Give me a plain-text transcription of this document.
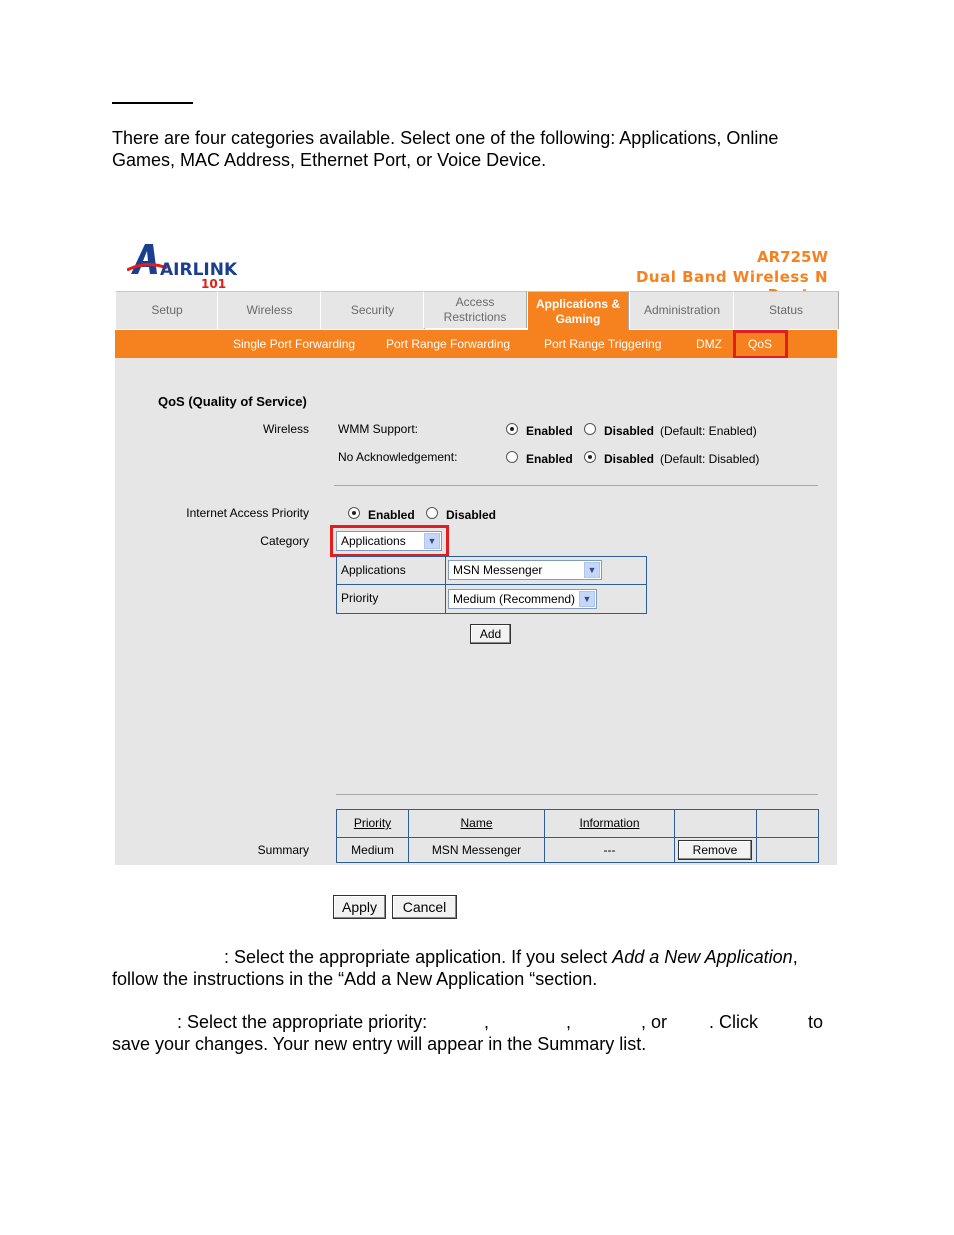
There are four categories available. Select one of the following: Applications, Online
Games, MAC Address, Ethernet Port, or Voice Device.
AIRLINK
101
AR725W
Dual Band Wireless N
Setup	Wireless	Security
Access Restrictions
Applications & Gaming
Administration	Status
Single Port Forwarding	Port Range Forwarding	Port Range Triggering	DMZ QoS
QoS (Quality of Service)
Wireless WMM Support:	Enabled	Disabled (Default: Enabled)
No Acknowledgement:	Enabled	Disabled (Default: Disabled)
Internet Access Priority	Enabled	Disabled
Category	Applications	▼
Applications	MSN Messenger	▼
Priority	Medium (Recommend) ▼
Add
Priority	Name	Information
Summary	Medium	MSN Messenger	---	Remove
Apply	Cancel
: Select the appropriate application. If you select Add a New Application,
follow the instructions in the “Add a New Application “section.
: Select the appropriate priority:	,	,	, or . Click	to
save your changes. Your new entry will appear in the Summary list.
